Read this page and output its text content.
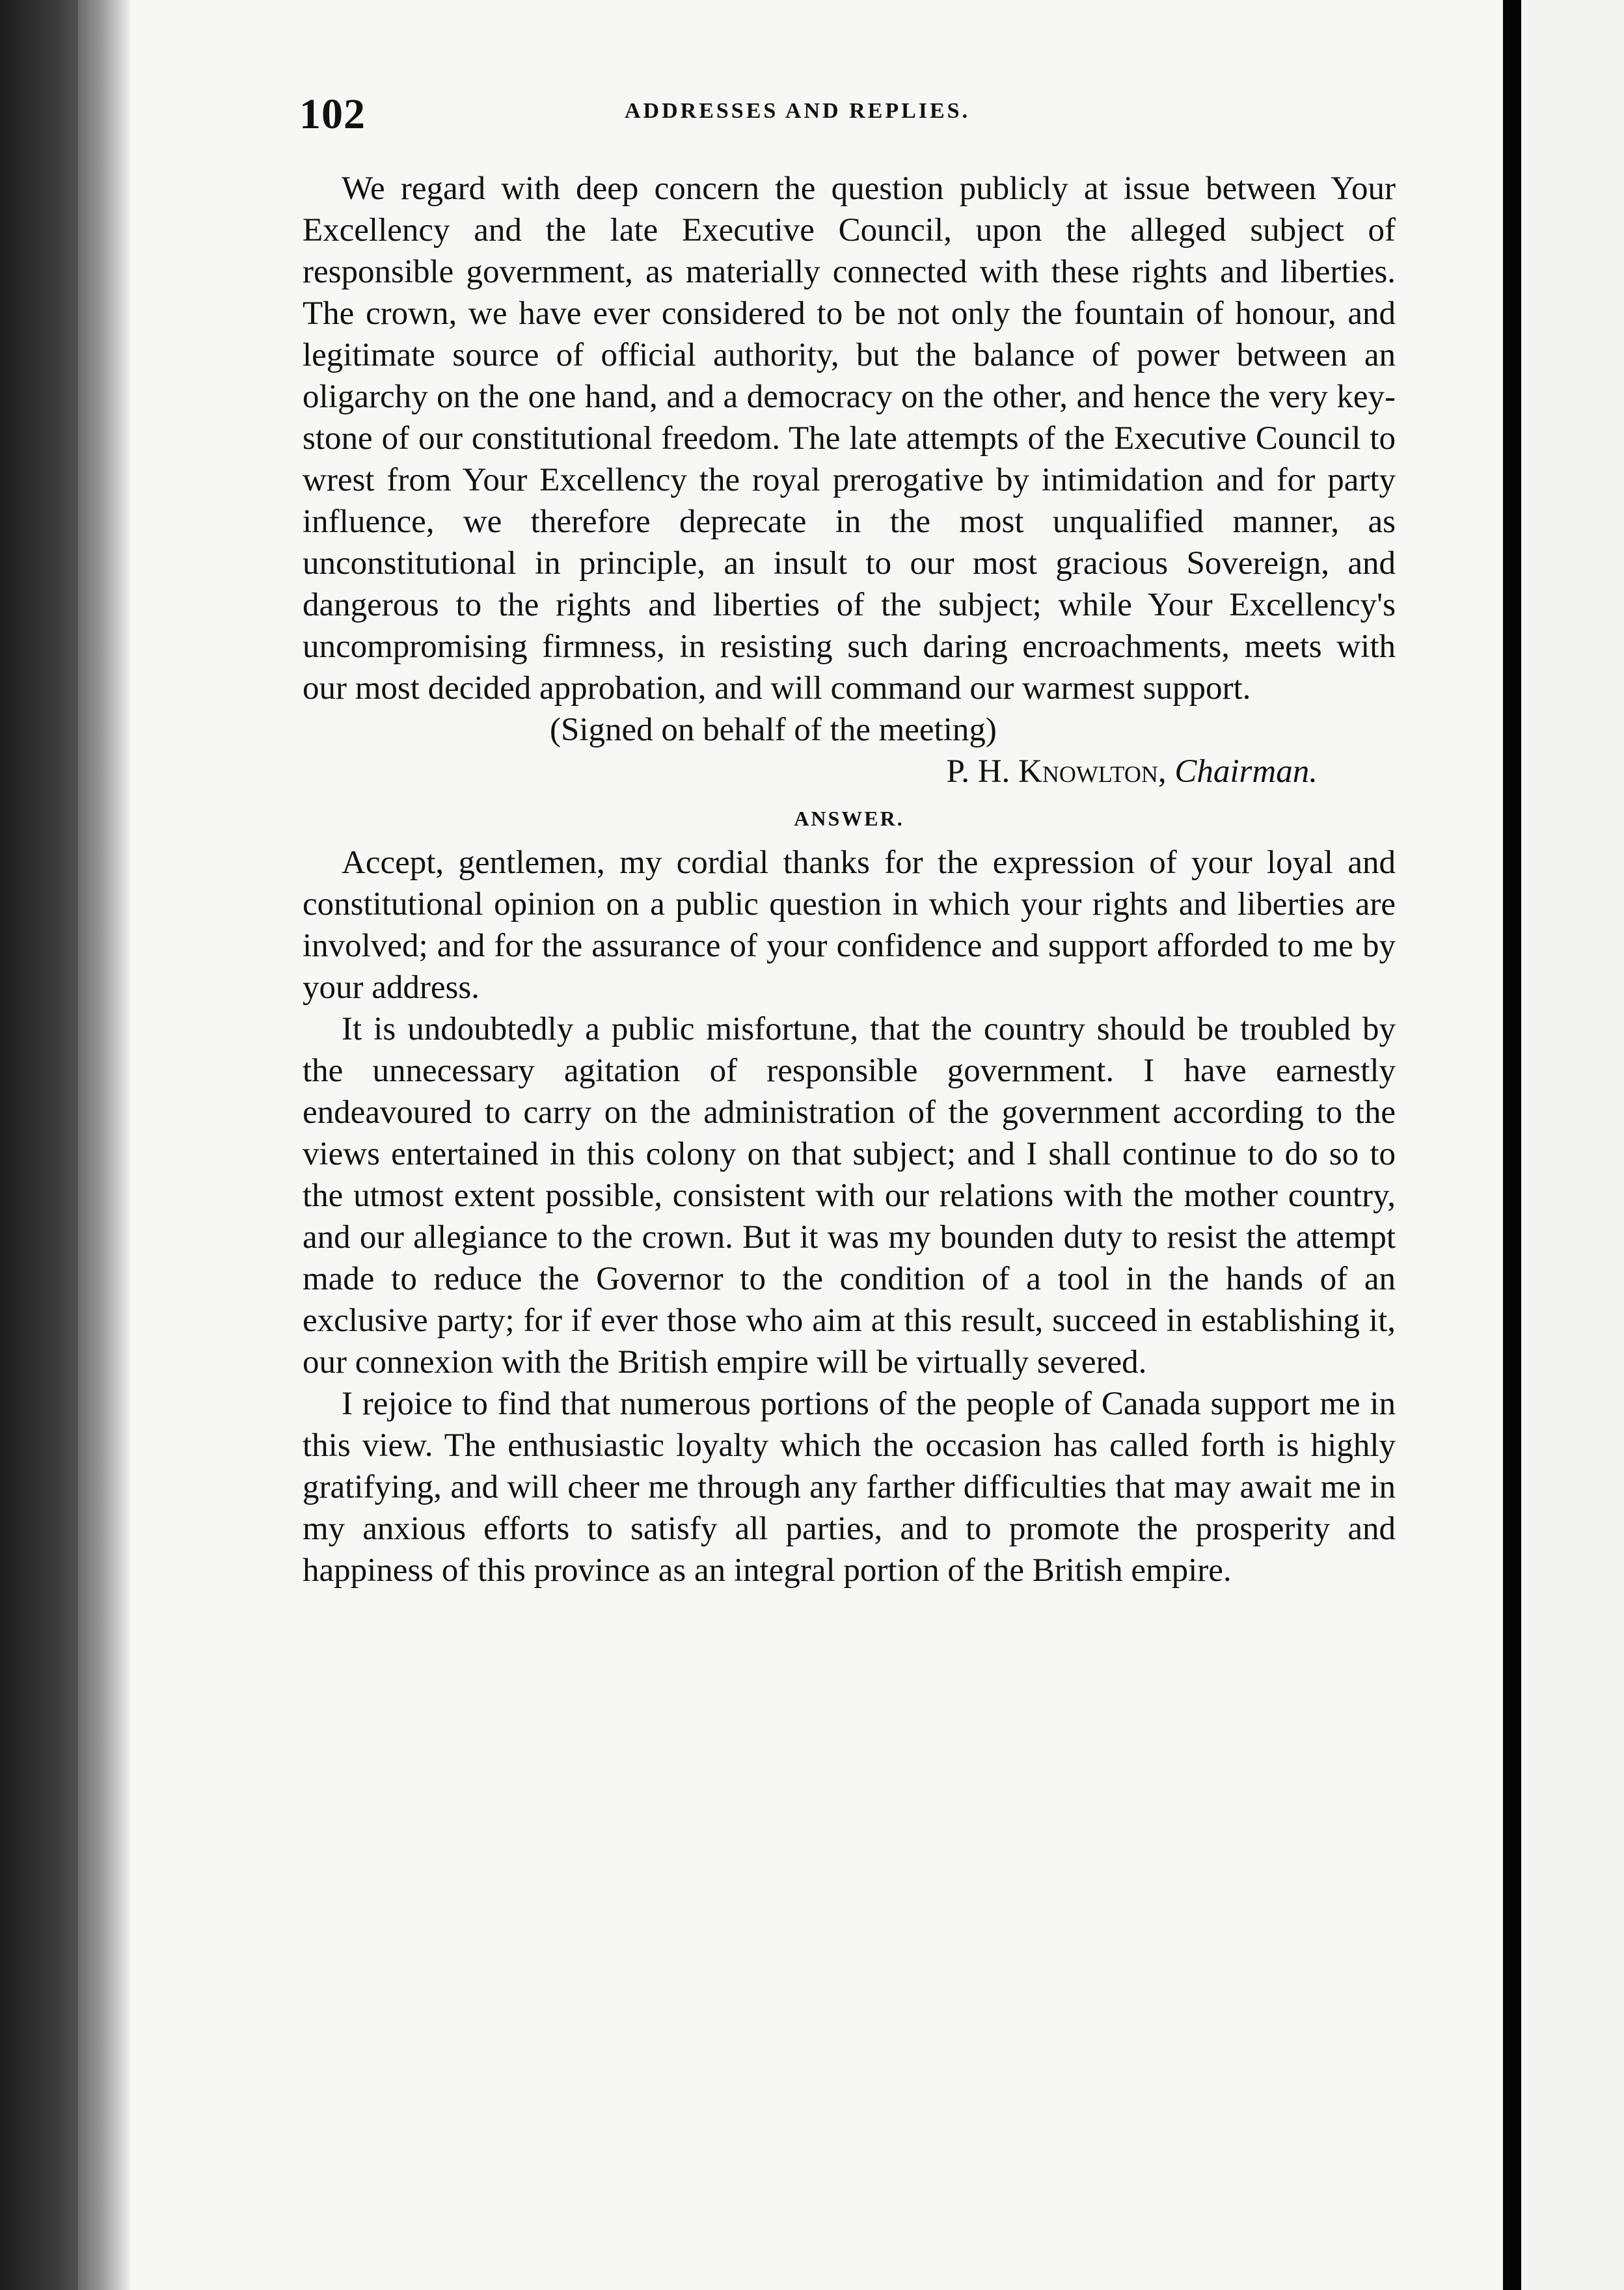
102	ADDRESSES AND REPLIES.

We regard with deep concern the question publicly at issue between Your Excellency and the late Executive Council, upon the alleged subject of responsible government, as materially connected with these rights and liberties. The crown, we have ever considered to be not only the fountain of honour, and legitimate source of official authority, but the balance of power between an oligarchy on the one hand, and a democracy on the other, and hence the very key-stone of our constitutional freedom. The late attempts of the Executive Council to wrest from Your Excellency the royal prerogative by intimidation and for party influence, we therefore deprecate in the most unqualified manner, as unconstitutional in principle, an insult to our most gracious Sovereign, and dangerous to the rights and liberties of the subject; while Your Excellency's uncompromising firmness, in resisting such daring encroachments, meets with our most decided approbation, and will command our warmest support.

(Signed on behalf of the meeting)

P. H. Knowlton, Chairman.

ANSWER.

Accept, gentlemen, my cordial thanks for the expression of your loyal and constitutional opinion on a public question in which your rights and liberties are involved; and for the assurance of your confidence and support afforded to me by your address.

It is undoubtedly a public misfortune, that the country should be troubled by the unnecessary agitation of responsible government. I have earnestly endeavoured to carry on the administration of the government according to the views entertained in this colony on that subject; and I shall continue to do so to the utmost extent possible, consistent with our relations with the mother country, and our allegiance to the crown. But it was my bounden duty to resist the attempt made to reduce the Governor to the condition of a tool in the hands of an exclusive party; for if ever those who aim at this result, succeed in establishing it, our connexion with the British empire will be virtually severed.

I rejoice to find that numerous portions of the people of Canada support me in this view. The enthusiastic loyalty which the occasion has called forth is highly gratifying, and will cheer me through any farther difficulties that may await me in my anxious efforts to satisfy all parties, and to promote the prosperity and happiness of this province as an integral portion of the British empire.
